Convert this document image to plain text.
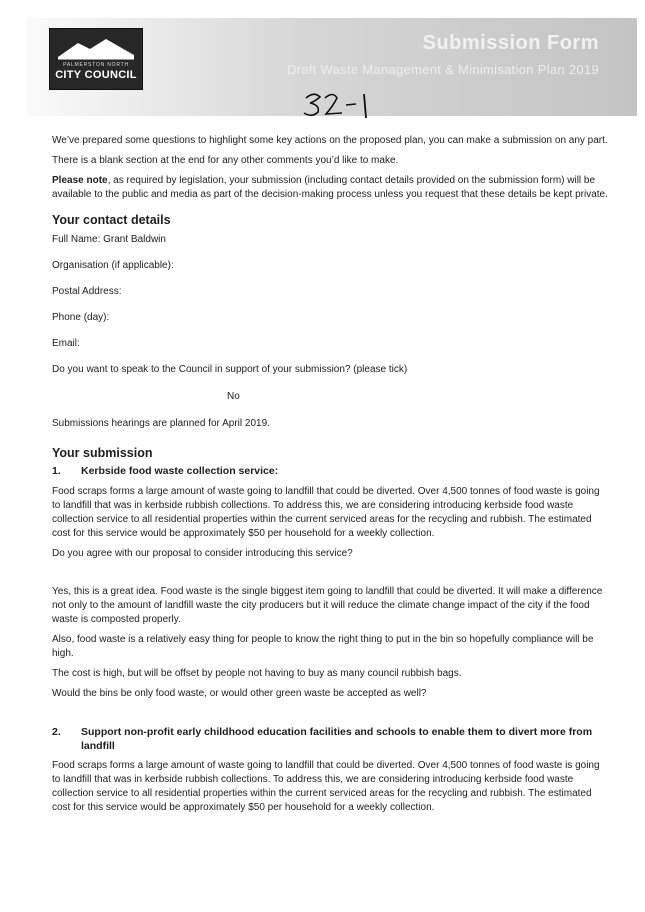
PALMERSTON NORTH
CITY COUNCIL
Submission Form
Draft Waste Management & Minimisation Plan 2019

We’ve prepared some questions to highlight some key actions on the proposed plan, you can make a submission on any part.

There is a blank section at the end for any other comments you’d like to make.

Please note, as required by legislation, your submission (including contact details provided on the submission form) will be available to the public and media as part of the decision-making process unless you request that these details be kept private.

Your contact details

Full Name: Grant Baldwin

Organisation (if applicable):

Postal Address:

Phone (day):

Email:

Do you want to speak to the Council in support of your submission? (please tick)

No

Submissions hearings are planned for April 2019.

Your submission
1.	Kerbside food waste collection service:

Food scraps forms a large amount of waste going to landfill that could be diverted. Over 4,500 tonnes of food waste is going to landfill that was in kerbside rubbish collections. To address this, we are considering introducing kerbside food waste collection service to all residential properties within the current serviced areas for the recycling and rubbish. The estimated cost for this service would be approximately $50 per household for a weekly collection.

Do you agree with our proposal to consider introducing this service?

Yes, this is a great idea. Food waste is the single biggest item going to landfill that could be diverted. It will make a difference not only to the amount of landfill waste the city producers but it will reduce the climate change impact of the city if the food waste is composted properly.

Also, food waste is a relatively easy thing for people to know the right thing to put in the bin so hopefully compliance will be high.

The cost is high, but will be offset by people not having to buy as many council rubbish bags.

Would the bins be only food waste, or would other green waste be accepted as well?

2.	Support non-profit early childhood education facilities and schools to enable them to divert more from landfill

Food scraps forms a large amount of waste going to landfill that could be diverted. Over 4,500 tonnes of food waste is going to landfill that was in kerbside rubbish collections. To address this, we are considering introducing kerbside food waste collection service to all residential properties within the current serviced areas for the recycling and rubbish. The estimated cost for this service would be approximately $50 per household for a weekly collection.
